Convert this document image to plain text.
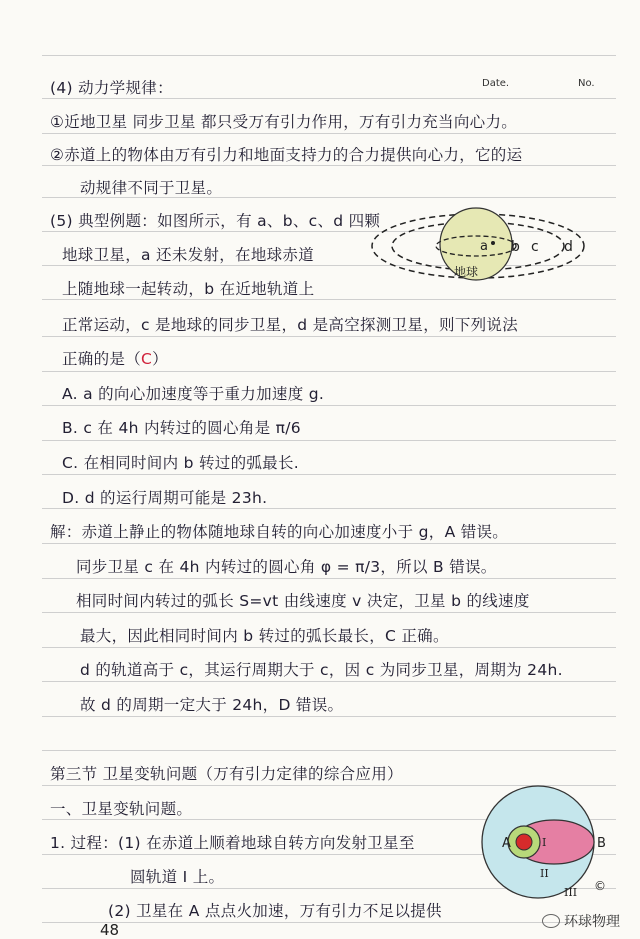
Date.	No.
(4) 动力学规律：
①近地卫星 同步卫星 都只受万有引力作用，万有引力充当向心力。
②赤道上的物体由万有引力和地面支持力的合力提供向心力，它的运
动规律不同于卫星。
(5) 典型例题：如图所示，有 a、b、c、d 四颗
地球卫星，a 还未发射，在地球赤道
上随地球一起转动，b 在近地轨道上
正常运动，c 是地球的同步卫星，d 是高空探测卫星，则下列说法
正确的是（C）
A. a 的向心加速度等于重力加速度 g.
B. c 在 4h 内转过的圆心角是 π/6
C. 在相同时间内 b 转过的弧最长.
D. d 的运行周期可能是 23h.
解：赤道上静止的物体随地球自转的向心加速度小于 g，A 错误。
同步卫星 c 在 4h 内转过的圆心角 φ = π/3，所以 B 错误。
相同时间内转过的弧长 S=vt 由线速度 v 决定，卫星 b 的线速度
最大，因此相同时间内 b 转过的弧长最长，C 正确。
d 的轨道高于 c，其运行周期大于 c，因 c 为同步卫星，周期为 24h.
故 d 的周期一定大于 24h，D 错误。
第三节 卫星变轨问题（万有引力定律的综合应用）
一、卫星变轨问题。
1. 过程：(1) 在赤道上顺着地球自转方向发射卫星至
圆轨道 I 上。
(2) 卫星在 A 点点火加速，万有引力不足以提供
a b c d
地球
A	B
I
II
III ©
48	环球物理
